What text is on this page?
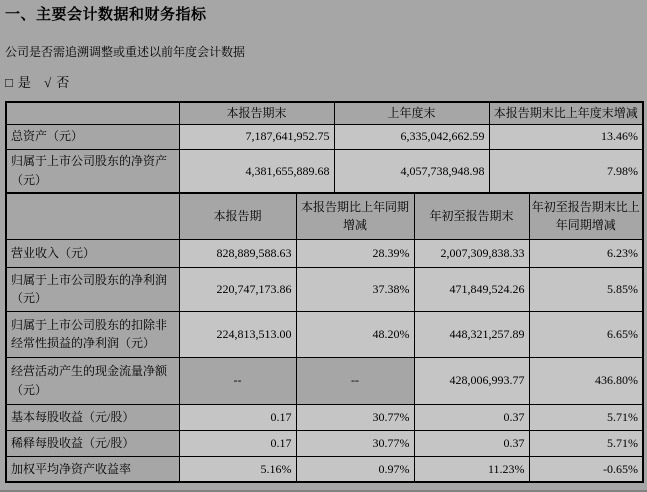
一、主要会计数据和财务指标

公司是否需追溯调整或重述以前年度会计数据

□ 是 √ 否

	本报告期末	上年度末	本报告期末比上年度末增减
总资产（元）	7,187,641,952.75	6,335,042,662.59	13.46%
归属于上市公司股东的净资产（元）	4,381,655,889.68	4,057,738,948.98	7.98%
	本报告期	本报告期比上年同期增减	年初至报告期末	年初至报告期末比上年同期增减
营业收入（元）	828,889,588.63	28.39%	2,007,309,838.33	6.23%
归属于上市公司股东的净利润（元）	220,747,173.86	37.38%	471,849,524.26	5.85%
归属于上市公司股东的扣除非经常性损益的净利润（元）	224,813,513.00	48.20%	448,321,257.89	6.65%
经营活动产生的现金流量净额（元）	--	--	428,006,993.77	436.80%
基本每股收益（元/股）	0.17	30.77%	0.37	5.71%
稀释每股收益（元/股）	0.17	30.77%	0.37	5.71%
加权平均净资产收益率	5.16%	0.97%	11.23%	-0.65%
